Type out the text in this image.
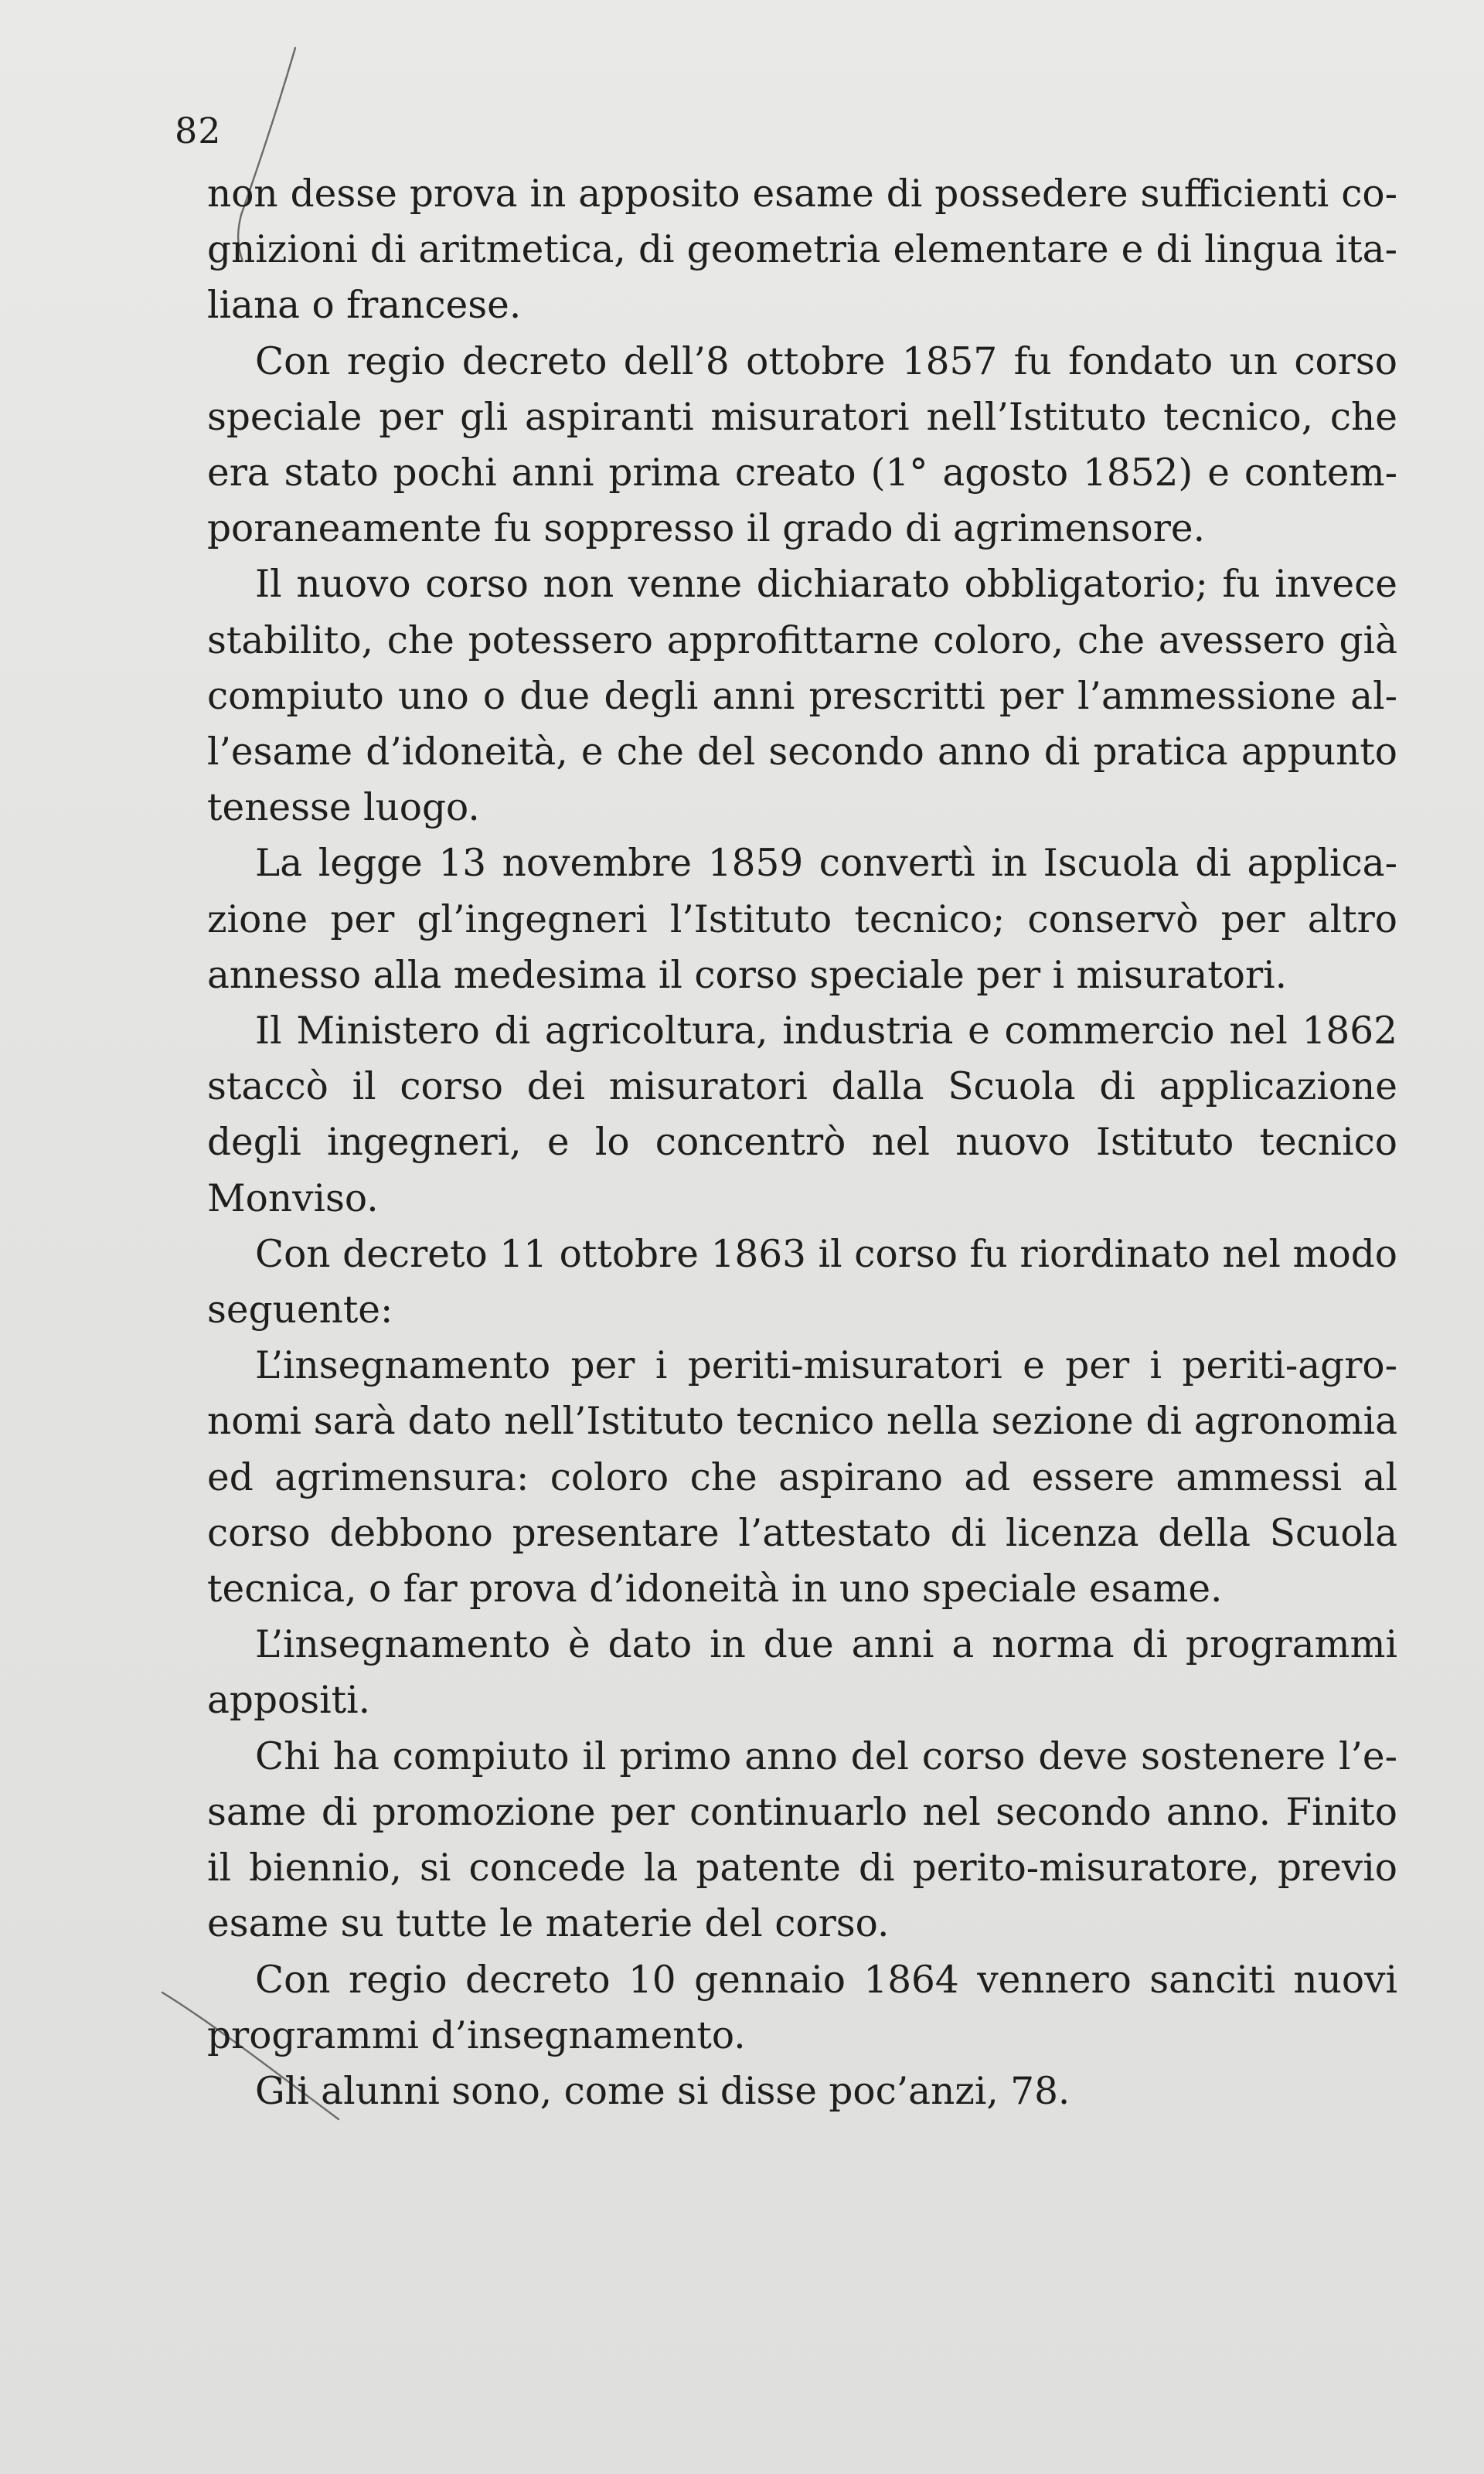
82

non desse prova in apposito esame di possedere sufficienti cognizioni di aritmetica, di geometria elementare e di lingua italiana o francese.

Con regio decreto dell’8 ottobre 1857 fu fondato un corso speciale per gli aspiranti misuratori nell’Istituto tecnico, che era stato pochi anni prima creato (1° agosto 1852) e contemporaneamente fu soppresso il grado di agrimensore.

Il nuovo corso non venne dichiarato obbligatorio; fu invece stabilito, che potessero approfittarne coloro, che avessero già compiuto uno o due degli anni prescritti per l’ammessione all’esame d’idoneità, e che del secondo anno di pratica appunto tenesse luogo.

La legge 13 novembre 1859 convertì in Iscuola di applicazione per gl’ingegneri l’Istituto tecnico; conservò per altro annesso alla medesima il corso speciale per i misuratori.

Il Ministero di agricoltura, industria e commercio nel 1862 staccò il corso dei misuratori dalla Scuola di applicazione degli ingegneri, e lo concentrò nel nuovo Istituto tecnico Monviso.

Con decreto 11 ottobre 1863 il corso fu riordinato nel modo seguente:

L’insegnamento per i periti-misuratori e per i periti-agronomi sarà dato nell’Istituto tecnico nella sezione di agronomia ed agrimensura: coloro che aspirano ad essere ammessi al corso debbono presentare l’attestato di licenza della Scuola tecnica, o far prova d’idoneità in uno speciale esame.

L’insegnamento è dato in due anni a norma di programmi appositi.

Chi ha compiuto il primo anno del corso deve sostenere l’esame di promozione per continuarlo nel secondo anno. Finito il biennio, si concede la patente di perito-misuratore, previo esame su tutte le materie del corso.

Con regio decreto 10 gennaio 1864 vennero sanciti nuovi programmi d’insegnamento.

Gli alunni sono, come si disse poc’anzi, 78.
